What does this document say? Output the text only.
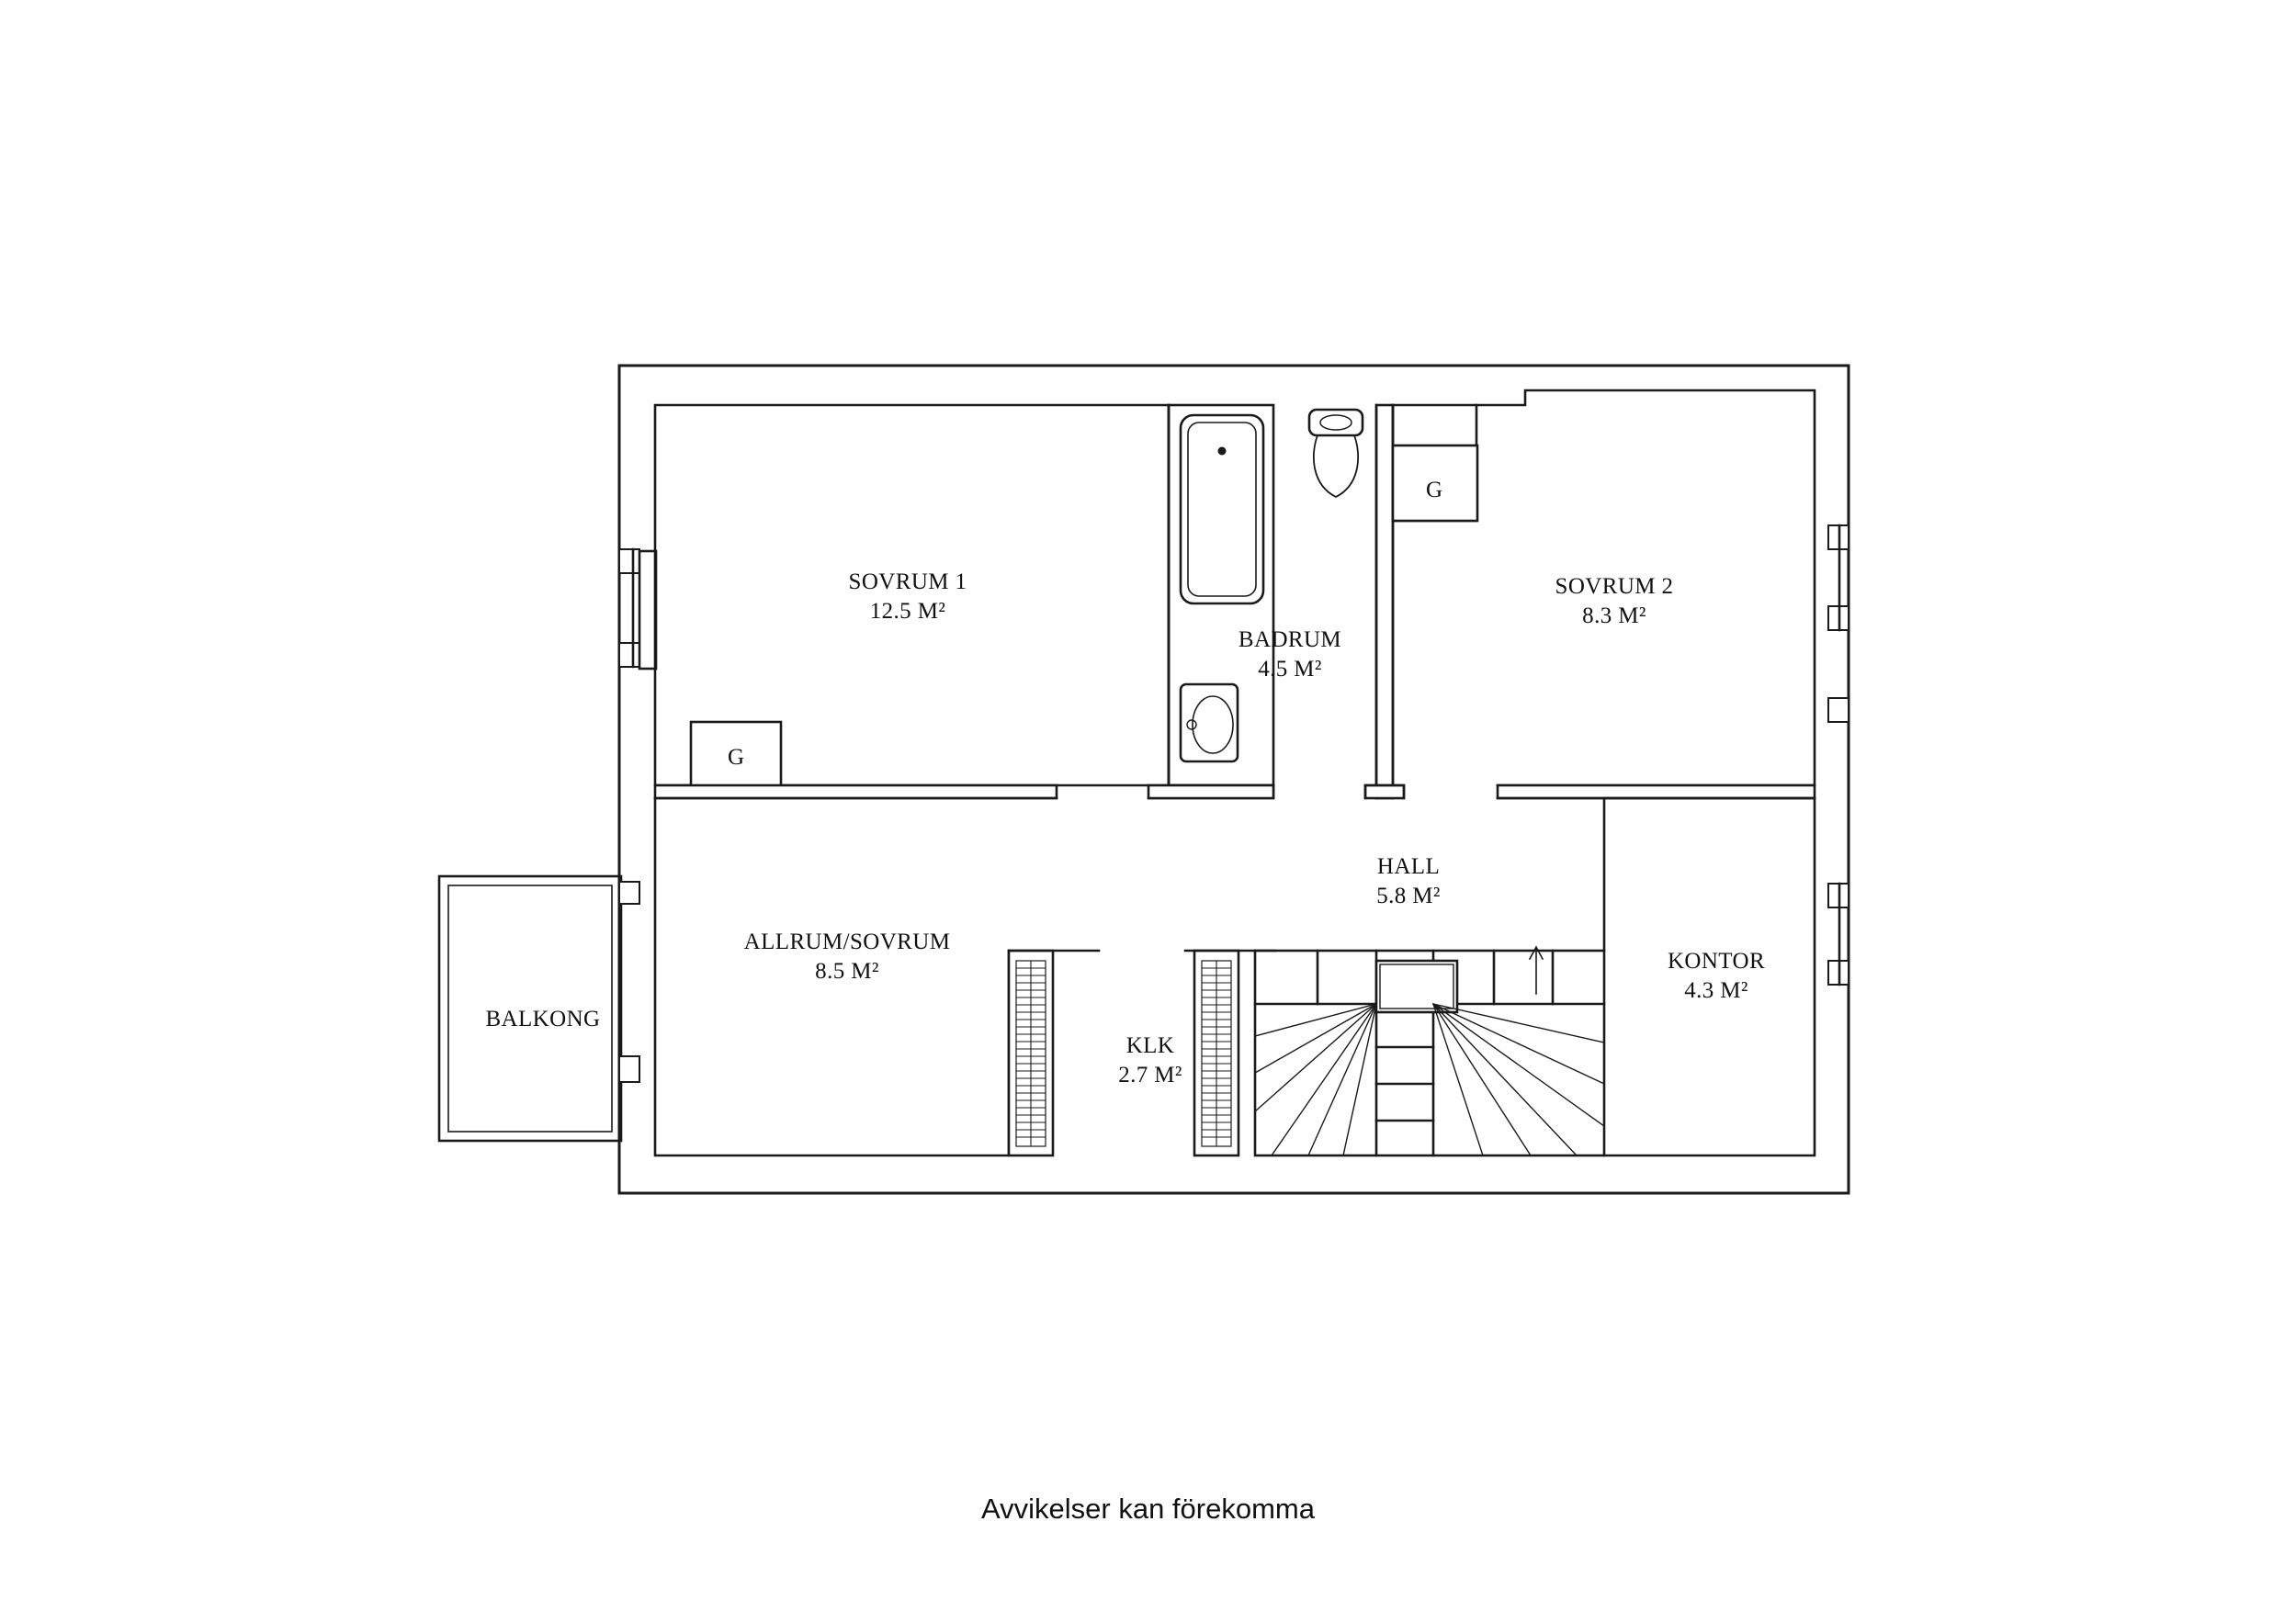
SOVRUM 1
12.5 M²
BADRUM
4.5 M²
SOVRUM 2
8.3 M²
ALLRUM/SOVRUM
8.5 M²
KLK
2.7 M²
HALL
5.8 M²
KONTOR
4.3 M²
BALKONG
G
G
Avvikelser kan förekomma
